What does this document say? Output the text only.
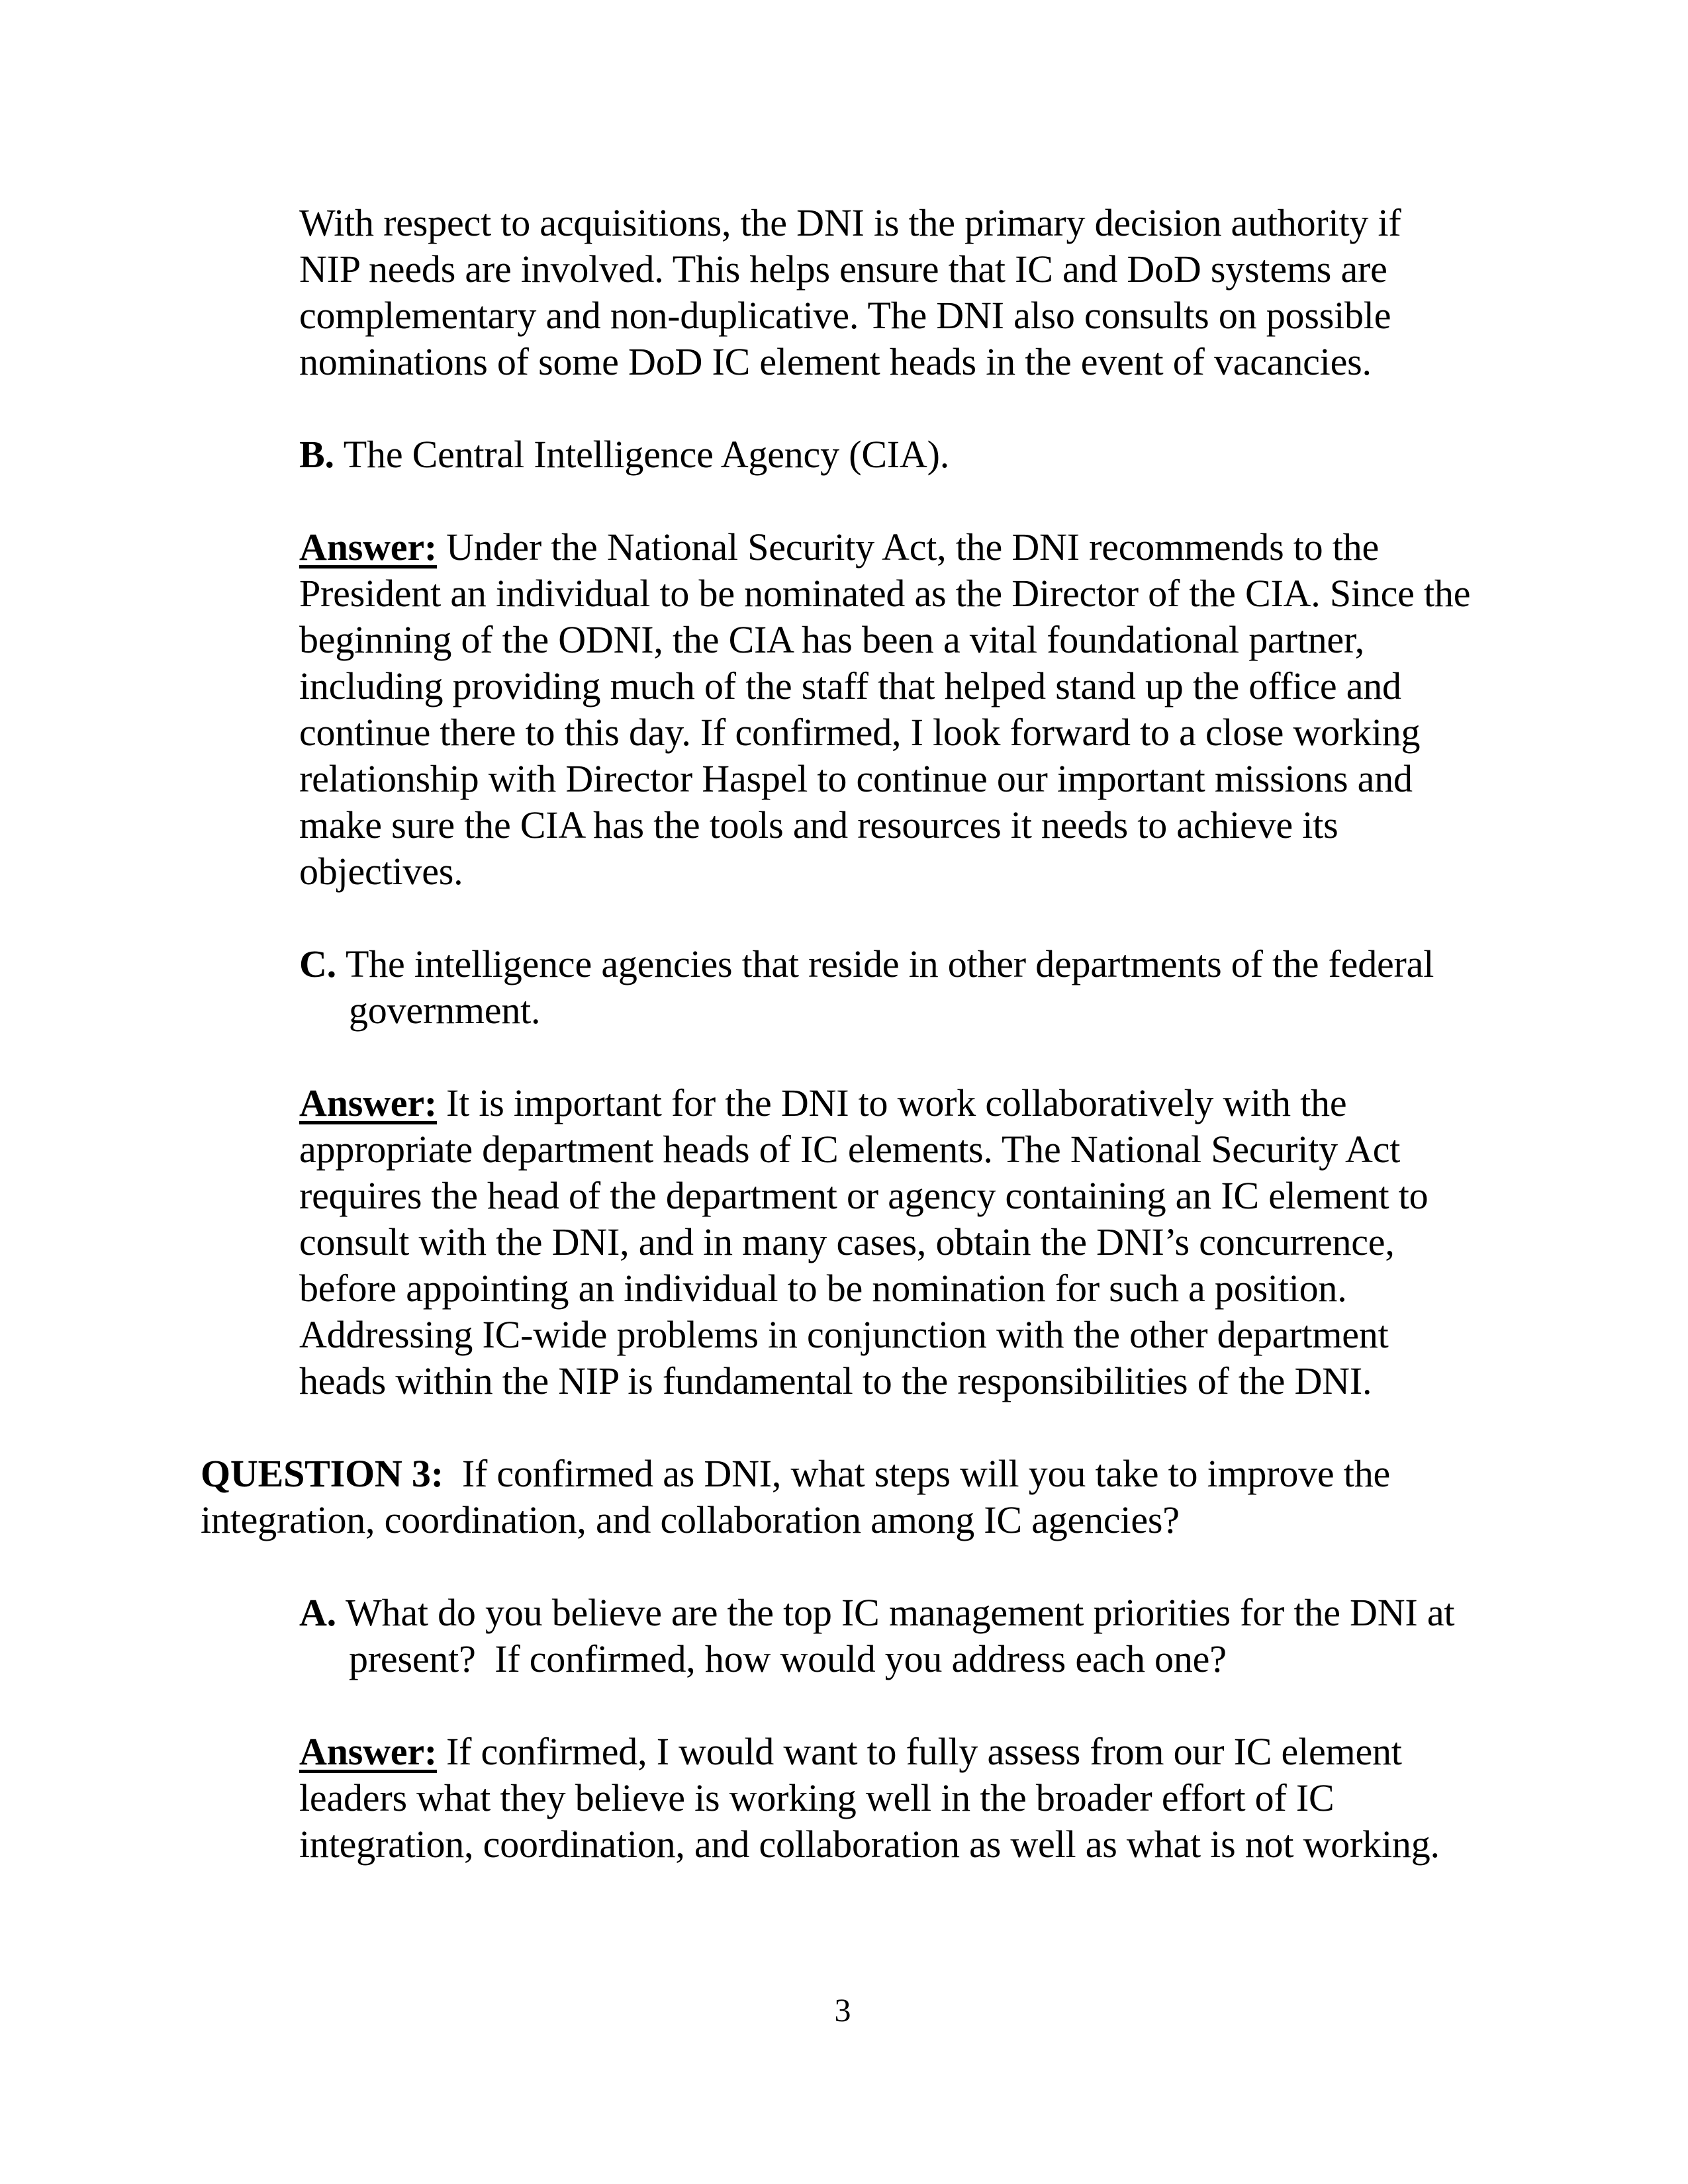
With respect to acquisitions, the DNI is the primary decision authority if
NIP needs are involved. This helps ensure that IC and DoD systems are
complementary and non-duplicative. The DNI also consults on possible
nominations of some DoD IC element heads in the event of vacancies.
B. The Central Intelligence Agency (CIA).
Answer: Under the National Security Act, the DNI recommends to the
President an individual to be nominated as the Director of the CIA. Since the
beginning of the ODNI, the CIA has been a vital foundational partner,
including providing much of the staff that helped stand up the office and
continue there to this day. If confirmed, I look forward to a close working
relationship with Director Haspel to continue our important missions and
make sure the CIA has the tools and resources it needs to achieve its
objectives.
C. The intelligence agencies that reside in other departments of the federal
government.
Answer: It is important for the DNI to work collaboratively with the
appropriate department heads of IC elements. The National Security Act
requires the head of the department or agency containing an IC element to
consult with the DNI, and in many cases, obtain the DNI’s concurrence,
before appointing an individual to be nomination for such a position.
Addressing IC-wide problems in conjunction with the other department
heads within the NIP is fundamental to the responsibilities of the DNI.
QUESTION 3: If confirmed as DNI, what steps will you take to improve the
integration, coordination, and collaboration among IC agencies?
A. What do you believe are the top IC management priorities for the DNI at
present?  If confirmed, how would you address each one?
Answer: If confirmed, I would want to fully assess from our IC element
leaders what they believe is working well in the broader effort of IC
integration, coordination, and collaboration as well as what is not working.
3
